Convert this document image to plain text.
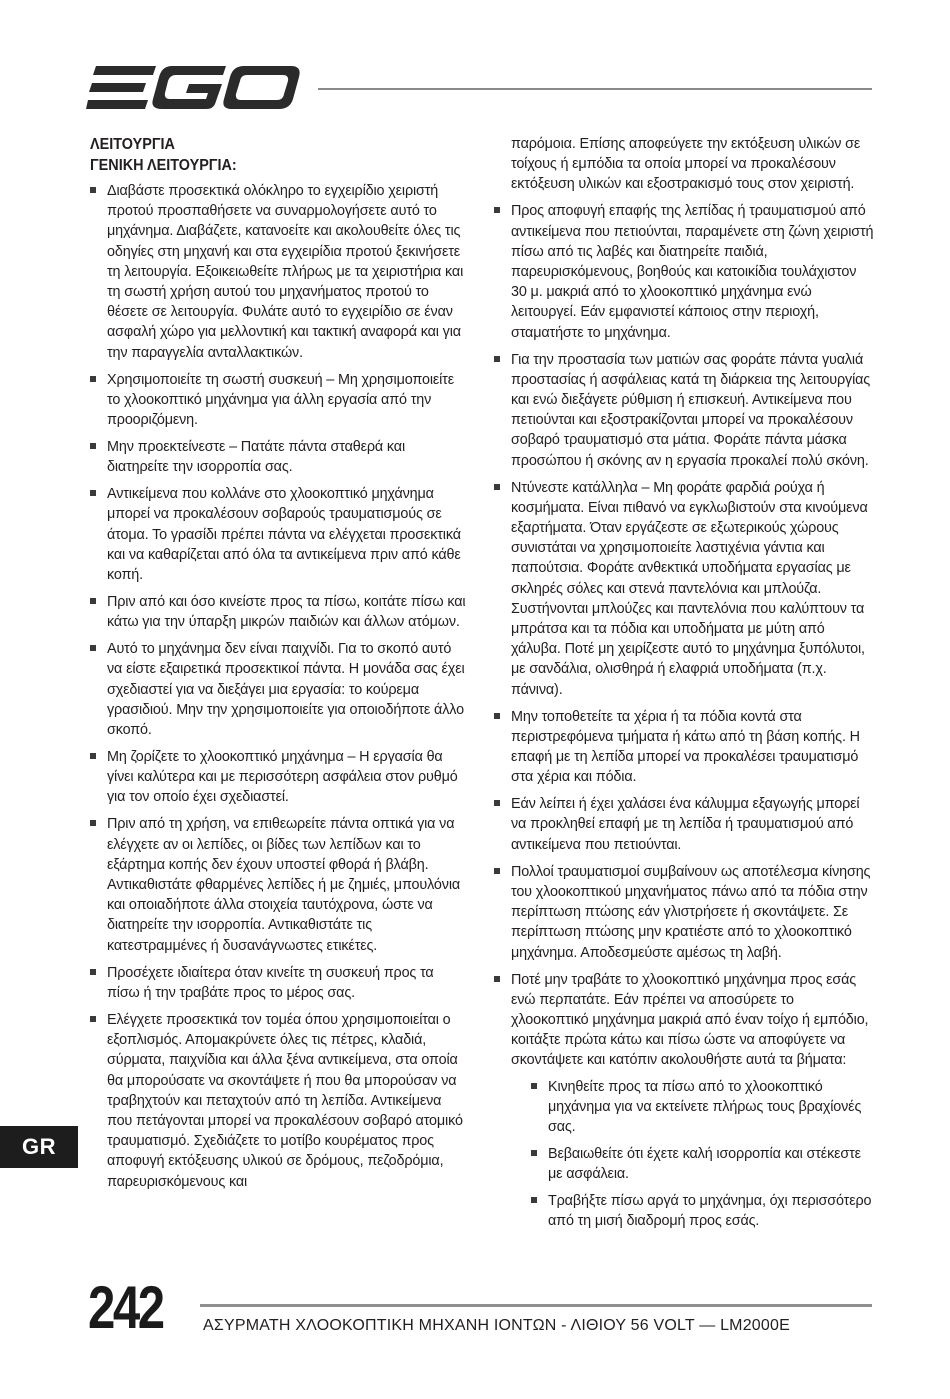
ΛΕΙΤΟΥΡΓΙΑ

ΓΕΝΙΚΗ ΛΕΙΤΟΥΡΓΙΑ:

Διαβάστε προσεκτικά ολόκληρο το εγχειρίδιο χειριστή προτού προσπαθήσετε να συναρμολογήσετε αυτό το μηχάνημα. Διαβάζετε, κατανοείτε και ακολουθείτε όλες τις οδηγίες στη μηχανή και στα εγχειρίδια προτού ξεκινήσετε τη λειτουργία. Εξοικειωθείτε πλήρως με τα χειριστήρια και τη σωστή χρήση αυτού του μηχανήματος προτού το θέσετε σε λειτουργία. Φυλάτε αυτό το εγχειρίδιο σε έναν ασφαλή χώρο για μελλοντική και τακτική αναφορά και για την παραγγελία ανταλλακτικών.
Χρησιμοποιείτε τη σωστή συσκευή – Μη χρησιμοποιείτε το χλοοκοπτικό μηχάνημα για άλλη εργασία από την προοριζόμενη.
Μην προεκτείνεστε – Πατάτε πάντα σταθερά και διατηρείτε την ισορροπία σας.
Αντικείμενα που κολλάνε στο χλοοκοπτικό μηχάνημα μπορεί να προκαλέσουν σοβαρούς τραυματισμούς σε άτομα. Το γρασίδι πρέπει πάντα να ελέγχεται προσεκτικά και να καθαρίζεται από όλα τα αντικείμενα πριν από κάθε κοπή.
Πριν από και όσο κινείστε προς τα πίσω, κοιτάτε πίσω και κάτω για την ύπαρξη μικρών παιδιών και άλλων ατόμων.
Αυτό το μηχάνημα δεν είναι παιχνίδι. Για το σκοπό αυτό να είστε εξαιρετικά προσεκτικοί πάντα. Η μονάδα σας έχει σχεδιαστεί για να διεξάγει μια εργασία: το κούρεμα γρασιδιού. Μην την χρησιμοποιείτε για οποιοδήποτε άλλο σκοπό.
Μη ζορίζετε το χλοοκοπτικό μηχάνημα – Η εργασία θα γίνει καλύτερα και με περισσότερη ασφάλεια στον ρυθμό για τον οποίο έχει σχεδιαστεί.
Πριν από τη χρήση, να επιθεωρείτε πάντα οπτικά για να ελέγχετε αν οι λεπίδες, οι βίδες των λεπίδων και το εξάρτημα κοπής δεν έχουν υποστεί φθορά ή βλάβη. Αντικαθιστάτε φθαρμένες λεπίδες ή με ζημιές, μπουλόνια και οποιαδήποτε άλλα στοιχεία ταυτόχρονα, ώστε να διατηρείτε την ισορροπία. Αντικαθιστάτε τις κατεστραμμένες ή δυσανάγνωστες ετικέτες.
Προσέχετε ιδιαίτερα όταν κινείτε τη συσκευή προς τα πίσω ή την τραβάτε προς το μέρος σας.
Ελέγχετε προσεκτικά τον τομέα όπου χρησιμοποιείται ο εξοπλισμός. Απομακρύνετε όλες τις πέτρες, κλαδιά, σύρματα, παιχνίδια και άλλα ξένα αντικείμενα, στα οποία θα μπορούσατε να σκοντάψετε ή που θα μπορούσαν να τραβηχτούν και πεταχτούν από τη λεπίδα. Αντικείμενα που πετάγονται μπορεί να προκαλέσουν σοβαρό ατομικό τραυματισμό. Σχεδιάζετε το μοτίβο κουρέματος προς αποφυγή εκτόξευσης υλικού σε δρόμους, πεζοδρόμια, παρευρισκόμενους και

παρόμοια. Επίσης αποφεύγετε την εκτόξευση υλικών σε τοίχους ή εμπόδια τα οποία μπορεί να προκαλέσουν εκτόξευση υλικών και εξοστρακισμό τους στον χειριστή.

Προς αποφυγή επαφής της λεπίδας ή τραυματισμού από αντικείμενα που πετιούνται, παραμένετε στη ζώνη χειριστή πίσω από τις λαβές και διατηρείτε παιδιά, παρευρισκόμενους, βοηθούς και κατοικίδια τουλάχιστον 30 μ. μακριά από το χλοοκοπτικό μηχάνημα ενώ λειτουργεί. Εάν εμφανιστεί κάποιος στην περιοχή, σταματήστε το μηχάνημα.
Για την προστασία των ματιών σας φοράτε πάντα γυαλιά προστασίας ή ασφάλειας κατά τη διάρκεια της λειτουργίας και ενώ διεξάγετε ρύθμιση ή επισκευή. Αντικείμενα που πετιούνται και εξοστρακίζονται μπορεί να προκαλέσουν σοβαρό τραυματισμό στα μάτια. Φοράτε πάντα μάσκα προσώπου ή σκόνης αν η εργασία προκαλεί πολύ σκόνη.
Ντύνεστε κατάλληλα – Μη φοράτε φαρδιά ρούχα ή κοσμήματα. Είναι πιθανό να εγκλωβιστούν στα κινούμενα εξαρτήματα. Όταν εργάζεστε σε εξωτερικούς χώρους συνιστάται να χρησιμοποιείτε λαστιχένια γάντια και παπούτσια. Φοράτε ανθεκτικά υποδήματα εργασίας με σκληρές σόλες και στενά παντελόνια και μπλούζα. Συστήνονται μπλούζες και παντελόνια που καλύπτουν τα μπράτσα και τα πόδια και υποδήματα με μύτη από χάλυβα. Ποτέ μη χειρίζεστε αυτό το μηχάνημα ξυπόλυτοι, με σανδάλια, ολισθηρά ή ελαφριά υποδήματα (π.χ. πάνινα).
Μην τοποθετείτε τα χέρια ή τα πόδια κοντά στα περιστρεφόμενα τμήματα ή κάτω από τη βάση κοπής. Η επαφή με τη λεπίδα μπορεί να προκαλέσει τραυματισμό στα χέρια και πόδια.
Εάν λείπει ή έχει χαλάσει ένα κάλυμμα εξαγωγής μπορεί να προκληθεί επαφή με τη λεπίδα ή τραυματισμού από αντικείμενα που πετιούνται.
Πολλοί τραυματισμοί συμβαίνουν ως αποτέλεσμα κίνησης του χλοοκοπτικού μηχανήματος πάνω από τα πόδια στην περίπτωση πτώσης εάν γλιστρήσετε ή σκοντάψετε. Σε περίπτωση πτώσης μην κρατιέστε από το χλοοκοπτικό μηχάνημα. Αποδεσμεύστε αμέσως τη λαβή.
Ποτέ μην τραβάτε το χλοοκοπτικό μηχάνημα προς εσάς ενώ περπατάτε. Εάν πρέπει να απoσύρετε το χλοοκοπτικό μηχάνημα μακριά από έναν τοίχο ή εμπόδιο, κοιτάξτε πρώτα κάτω και πίσω ώστε να αποφύγετε να σκοντάψετε και κατόπιν ακολουθήστε αυτά τα βήματα:
Κινηθείτε προς τα πίσω από το χλοοκοπτικό μηχάνημα για να εκτείνετε πλήρως τους βραχίονές σας.
Βεβαιωθείτε ότι έχετε καλή ισορροπία και στέκεστε με ασφάλεια.
Τραβήξτε πίσω αργά το μηχάνημα, όχι περισσότερο από τη μισή διαδρομή προς εσάς.
GR
242	ΑΣΥΡΜΑΤΗ ΧΛΟΟΚΟΠΤΙΚΗ ΜΗΧΑΝΗ ΙΟΝΤΩΝ - ΛΙΘΙΟΥ 56 VOLT — LM2000E
